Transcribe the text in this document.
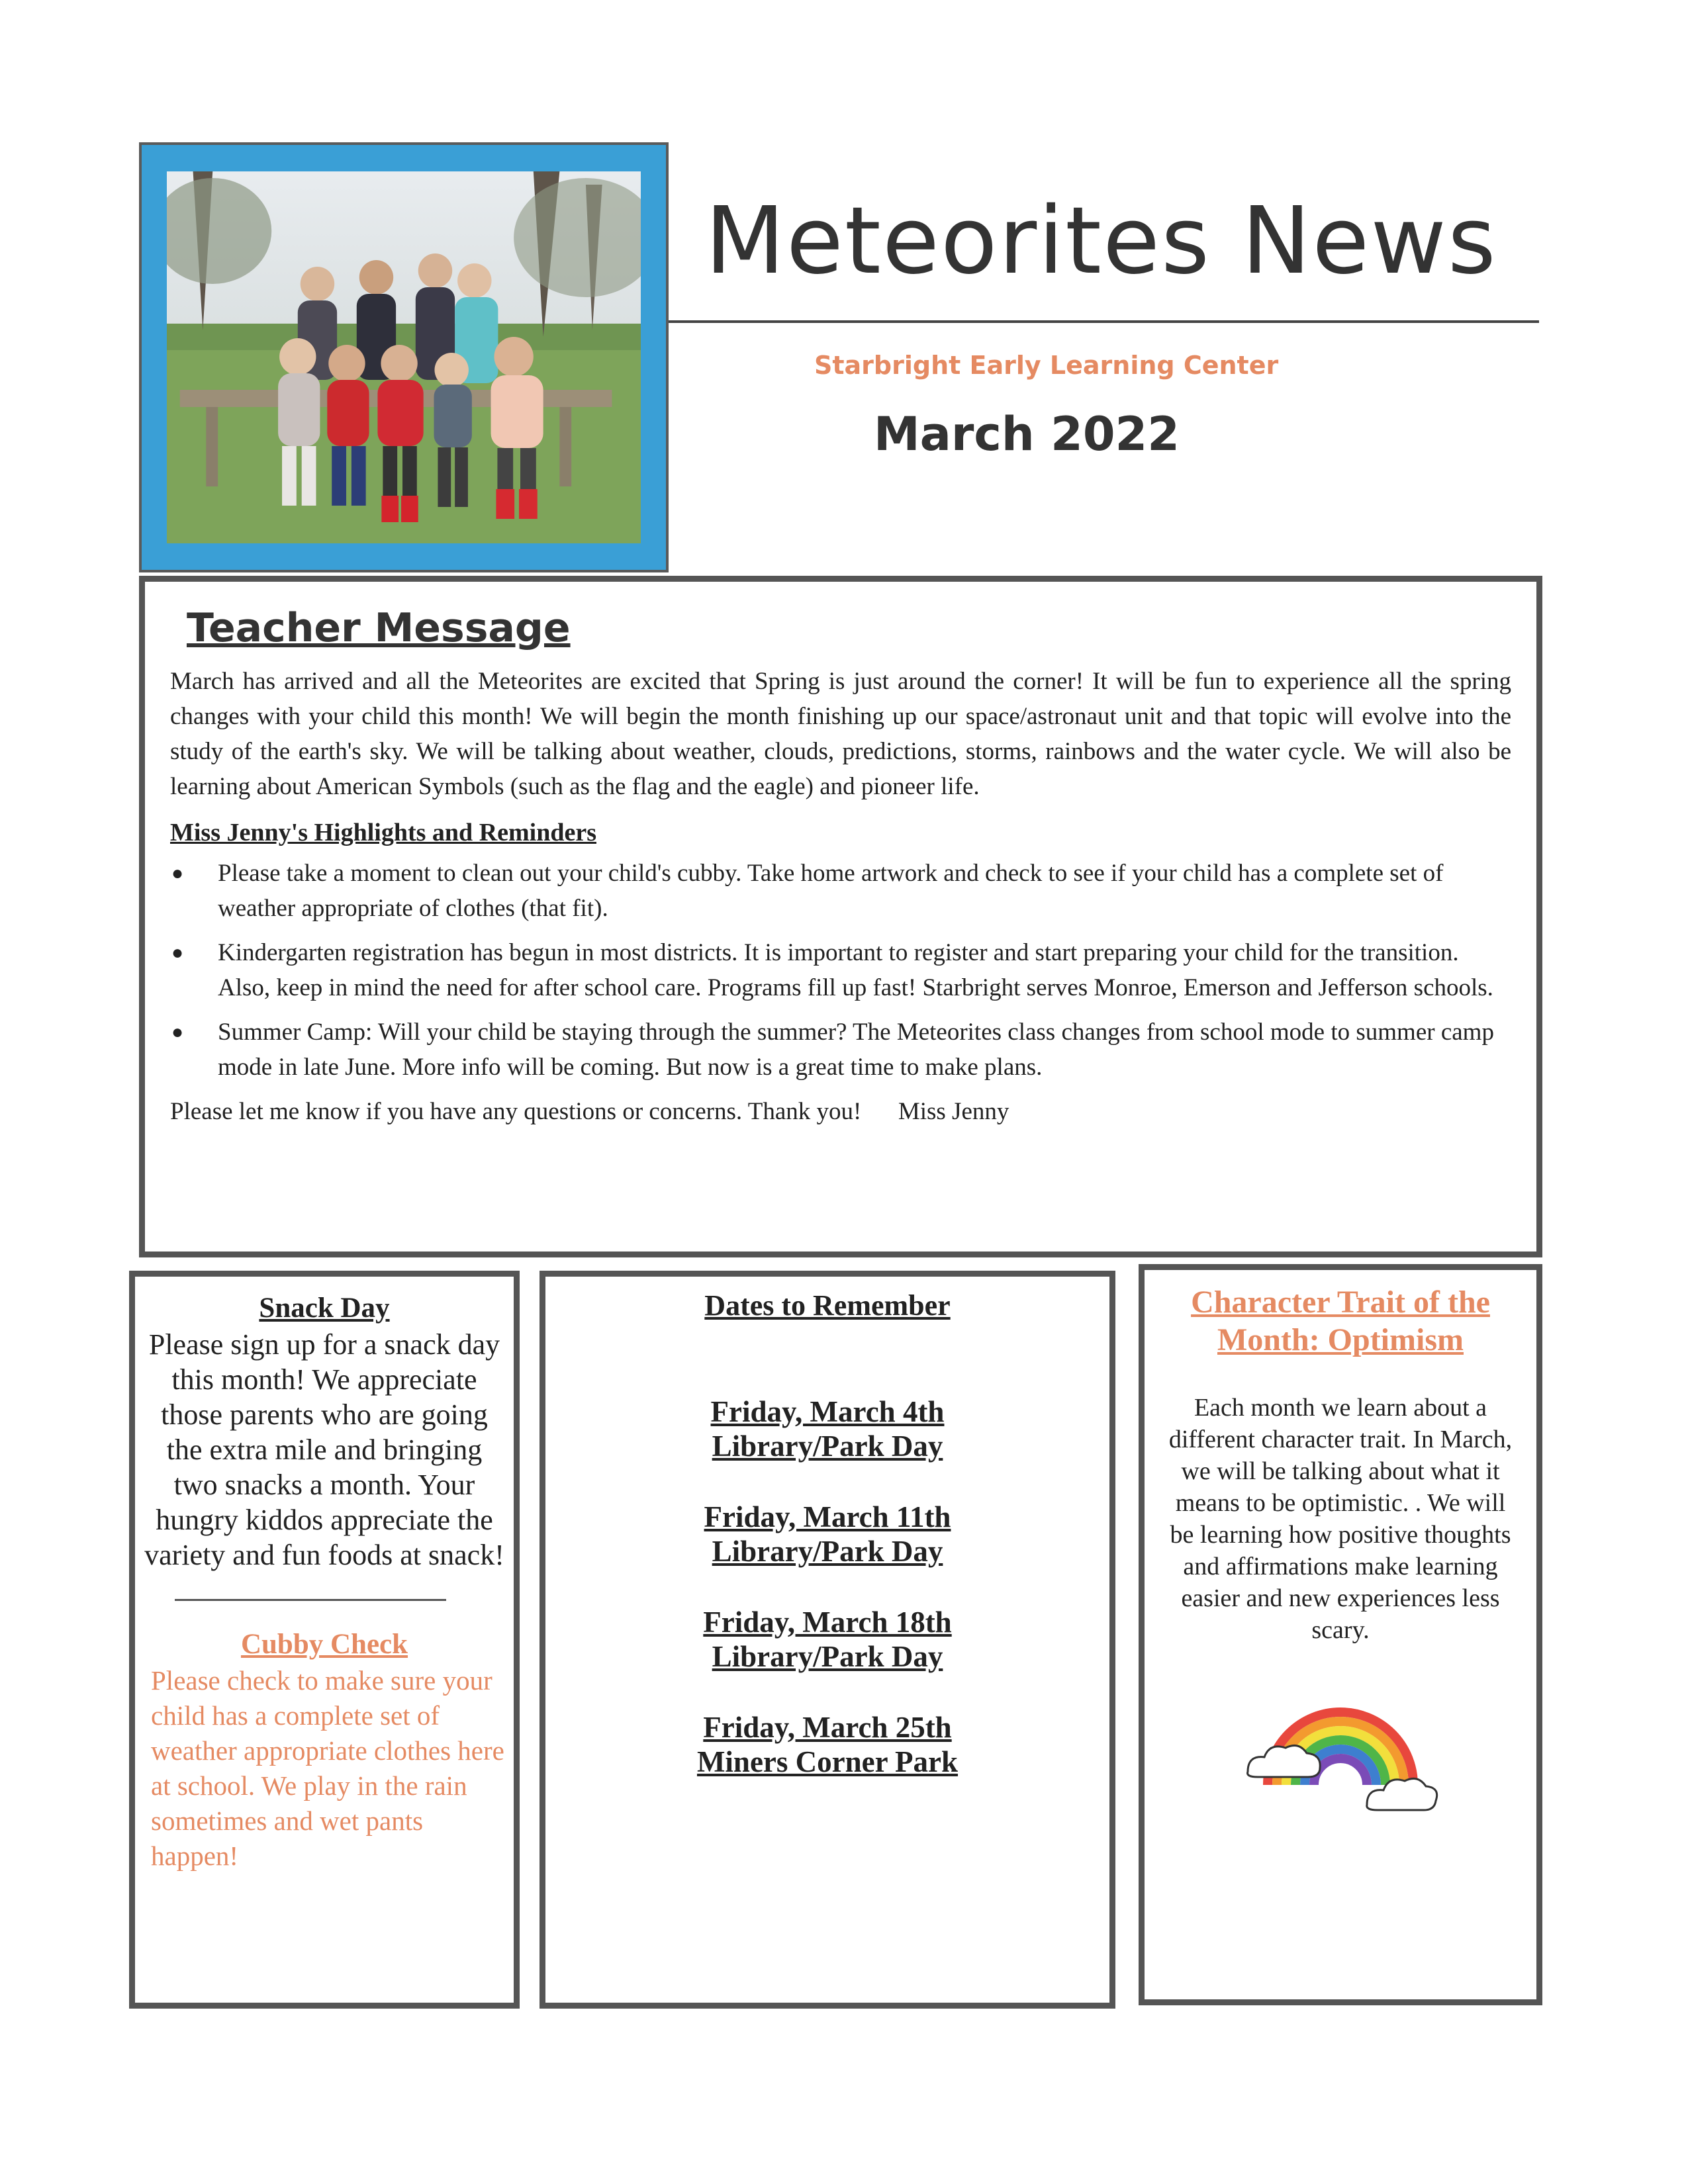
Meteorites News
Starbright Early Learning Center
March 2022
Teacher Message

March has arrived and all the Meteorites are excited that Spring is just around the corner! It will be fun to experience all the spring changes with your child this month! We will begin the month finishing up our space/astronaut unit and that topic will evolve into the study of the earth's sky. We will be talking about weather, clouds, predictions, storms, rainbows and the water cycle. We will also be learning about American Symbols (such as the flag and the eagle) and pioneer life.

Miss Jenny's Highlights and Reminders
● Please take a moment to clean out your child's cubby. Take home artwork and check to see if your child has a complete set of weather appropriate of clothes (that fit).
● Kindergarten registration has begun in most districts. It is important to register and start preparing your child for the transition. Also, keep in mind the need for after school care. Programs fill up fast! Starbright serves Monroe, Emerson and Jefferson schools.
● Summer Camp: Will your child be staying through the summer? The Meteorites class changes from school mode to summer camp mode in late June. More info will be coming. But now is a great time to make plans.
Please let me know if you have any questions or concerns. Thank you! Miss Jenny
Snack Day
Please sign up for a snack day this month! We appreciate those parents who are going the extra mile and bringing two snacks a month. Your hungry kiddos appreciate the variety and fun foods at snack!
Cubby Check
Please check to make sure your child has a complete set of weather appropriate clothes here at school. We play in the rain sometimes and wet pants happen!
Dates to Remember
Friday, March 4th
Library/Park Day
Friday, March 11th
Library/Park Day
Friday, March 18th
Library/Park Day
Friday, March 25th
Miners Corner Park
Character Trait of the Month: Optimism
Each month we learn about a different character trait. In March, we will be talking about what it means to be optimistic. . We will be learning how positive thoughts and affirmations make learning easier and new experiences less scary.
